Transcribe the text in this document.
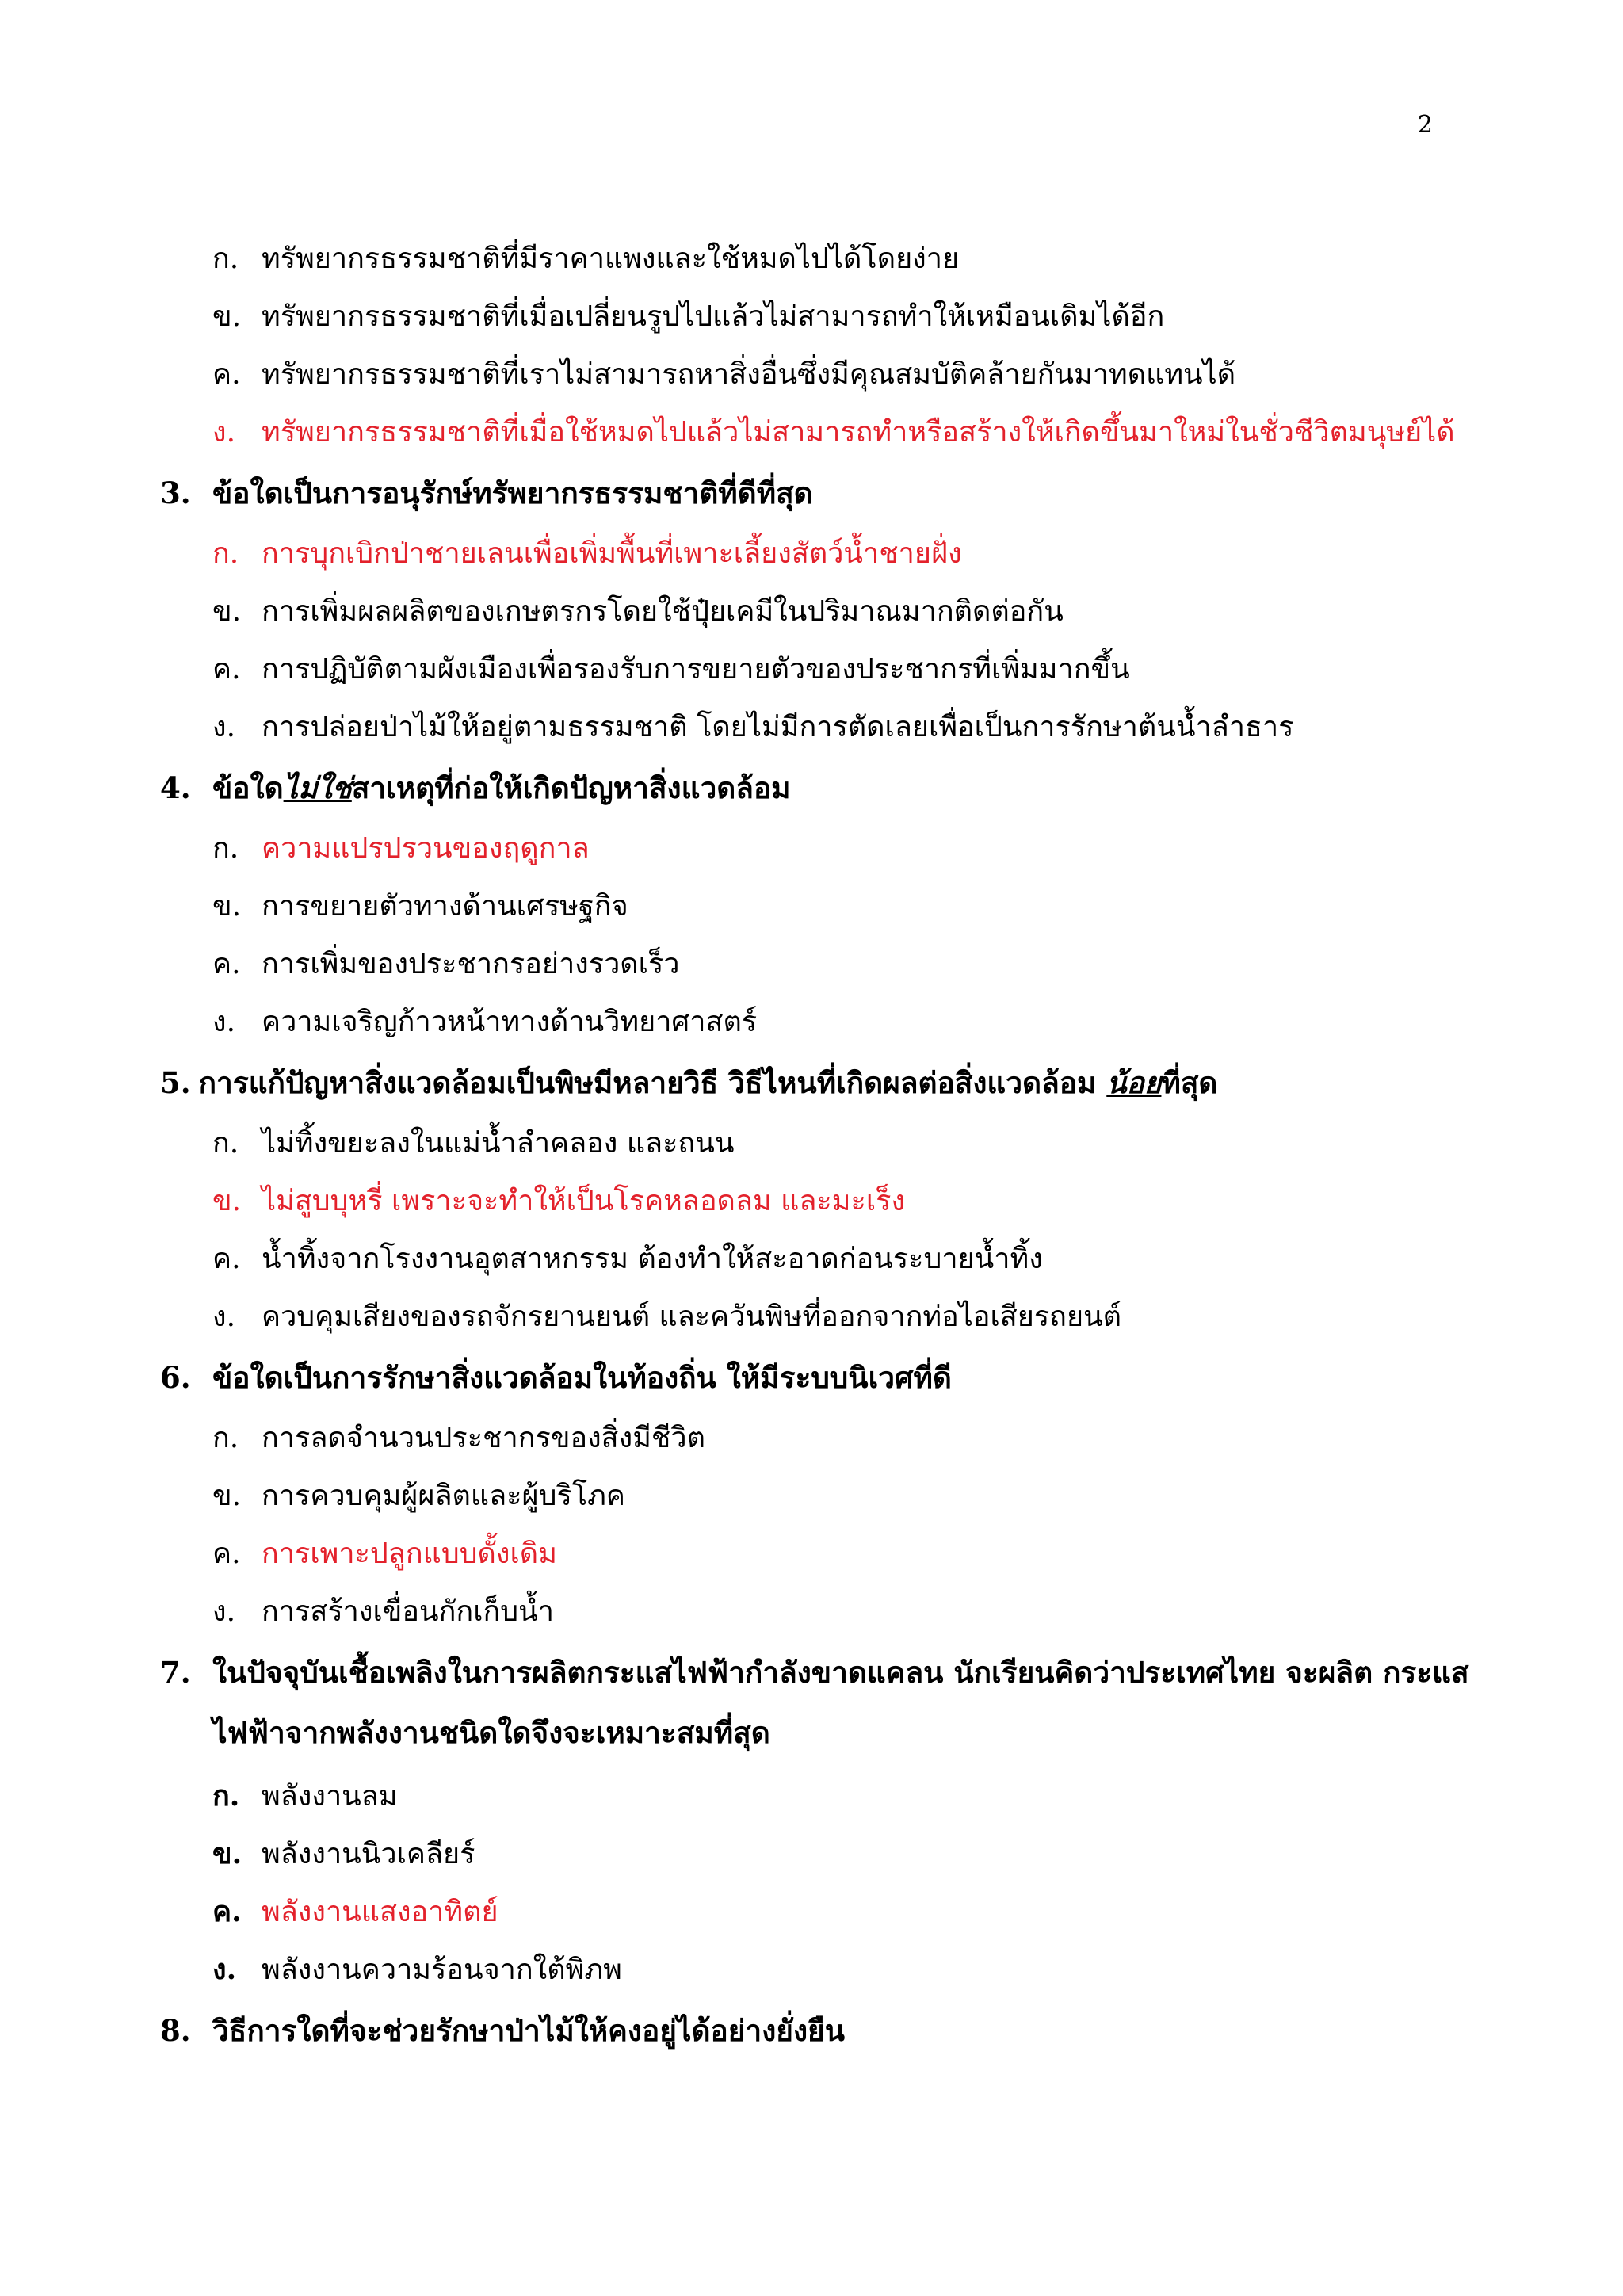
2
ก. ทรัพยากรธรรมชาติที่มีราคาแพงและใช้หมดไปได้โดยง่าย
ข. ทรัพยากรธรรมชาติที่เมื่อเปลี่ยนรูปไปแล้วไม่สามารถทำให้เหมือนเดิมได้อีก
ค. ทรัพยากรธรรมชาติที่เราไม่สามารถหาสิ่งอื่นซึ่งมีคุณสมบัติคล้ายกันมาทดแทนได้
ง. ทรัพยากรธรรมชาติที่เมื่อใช้หมดไปแล้วไม่สามารถทำหรือสร้างให้เกิดขึ้นมาใหม่ในชั่วชีวิตมนุษย์ได้
3. ข้อใดเป็นการอนุรักษ์ทรัพยากรธรรมชาติที่ดีที่สุด
ก. การบุกเบิกป่าชายเลนเพื่อเพิ่มพื้นที่เพาะเลี้ยงสัตว์น้ำชายฝั่ง
ข. การเพิ่มผลผลิตของเกษตรกรโดยใช้ปุ๋ยเคมีในปริมาณมากติดต่อกัน
ค. การปฏิบัติตามผังเมืองเพื่อรองรับการขยายตัวของประชากรที่เพิ่มมากขึ้น
ง. การปล่อยป่าไม้ให้อยู่ตามธรรมชาติ โดยไม่มีการตัดเลยเพื่อเป็นการรักษาต้นน้ำลำธาร
4. ข้อใดไม่ใช่สาเหตุที่ก่อให้เกิดปัญหาสิ่งแวดล้อม
ก. ความแปรปรวนของฤดูกาล
ข. การขยายตัวทางด้านเศรษฐกิจ
ค. การเพิ่มของประชากรอย่างรวดเร็ว
ง. ความเจริญก้าวหน้าทางด้านวิทยาศาสตร์
5. การแก้ปัญหาสิ่งแวดล้อมเป็นพิษมีหลายวิธี วิธีไหนที่เกิดผลต่อสิ่งแวดล้อม น้อยที่สุด
ก. ไม่ทิ้งขยะลงในแม่น้ำลำคลอง และถนน
ข. ไม่สูบบุหรี่ เพราะจะทำให้เป็นโรคหลอดลม และมะเร็ง
ค. น้ำทิ้งจากโรงงานอุตสาหกรรม ต้องทำให้สะอาดก่อนระบายน้ำทิ้ง
ง. ควบคุมเสียงของรถจักรยานยนต์ และควันพิษที่ออกจากท่อไอเสียรถยนต์
6. ข้อใดเป็นการรักษาสิ่งแวดล้อมในท้องถิ่น ให้มีระบบนิเวศที่ดี
ก. การลดจำนวนประชากรของสิ่งมีชีวิต
ข. การควบคุมผู้ผลิตและผู้บริโภค
ค. การเพาะปลูกแบบดั้งเดิม
ง. การสร้างเขื่อนกักเก็บน้ำ
7. ในปัจจุบันเชื้อเพลิงในการผลิตกระแสไฟฟ้ากำลังขาดแคลน นักเรียนคิดว่าประเทศไทย จะผลิต กระแสไฟฟ้าจากพลังงานชนิดใดจึงจะเหมาะสมที่สุด
ก. พลังงานลม
ข. พลังงานนิวเคลียร์
ค. พลังงานแสงอาทิตย์
ง. พลังงานความร้อนจากใต้พิภพ
8. วิธีการใดที่จะช่วยรักษาป่าไม้ให้คงอยู่ได้อย่างยั่งยืน
